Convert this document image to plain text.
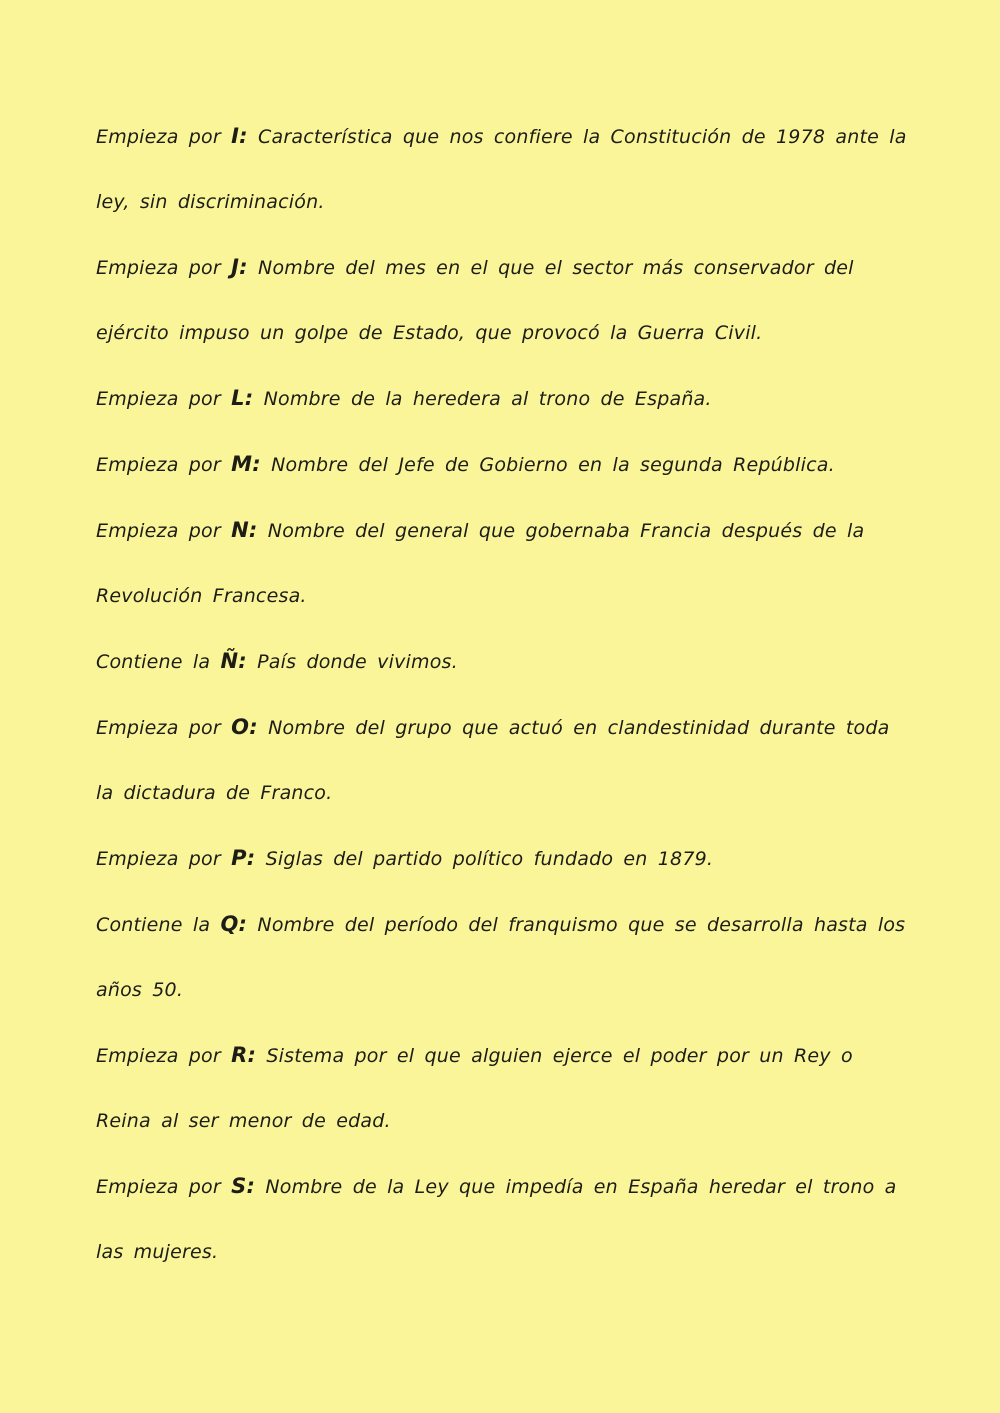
Empieza por I: Característica que nos confiere la Constitución de 1978 ante la ley, sin discriminación.

Empieza por J: Nombre del mes en el que el sector más conservador del ejército impuso un golpe de Estado, que provocó la Guerra Civil.

Empieza por L: Nombre de la heredera al trono de España.

Empieza por M: Nombre del Jefe de Gobierno en la segunda República.

Empieza por N: Nombre del general que gobernaba Francia después de la Revolución Francesa.

Contiene la Ñ: País donde vivimos.

Empieza por O: Nombre del grupo que actuó en clandestinidad durante toda la dictadura de Franco.

Empieza por P: Siglas del partido político fundado en 1879.

Contiene la Q: Nombre del período del franquismo que se desarrolla hasta los años 50.

Empieza por R: Sistema por el que alguien ejerce el poder por un Rey o Reina al ser menor de edad.

Empieza por S: Nombre de la Ley que impedía en España heredar el trono a las mujeres.
